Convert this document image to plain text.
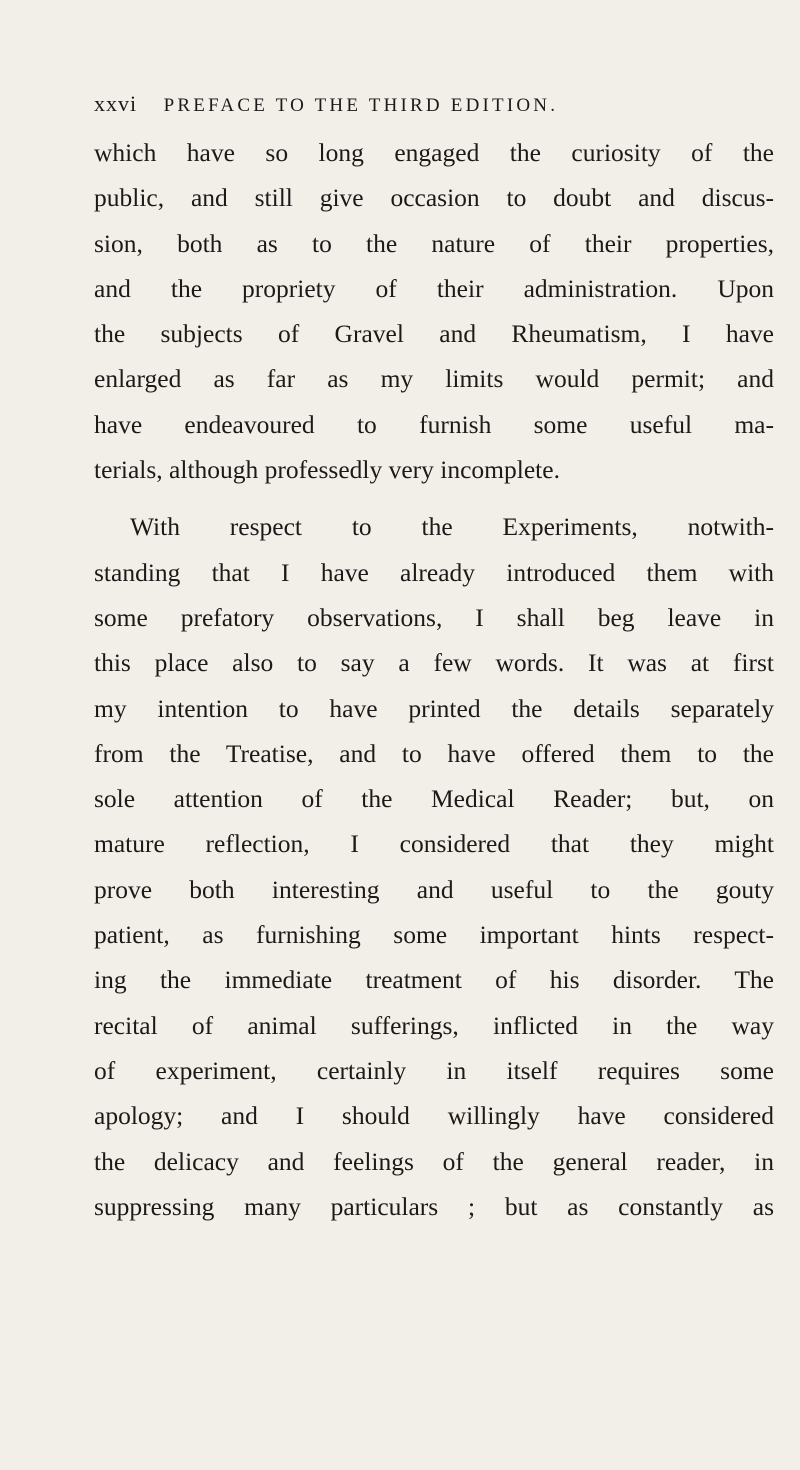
xxvi PREFACE TO THE THIRD EDITION.
which have so long engaged the curiosity of the
public, and still give occasion to doubt and discus-
sion, both as to the nature of their properties,
and the propriety of their administration. Upon
the subjects of Gravel and Rheumatism, I have
enlarged as far as my limits would permit; and
have endeavoured to furnish some useful ma-
terials, although professedly very incomplete.
With respect to the Experiments, notwith-
standing that I have already introduced them with
some prefatory observations, I shall beg leave in
this place also to say a few words. It was at first
my intention to have printed the details separately
from the Treatise, and to have offered them to the
sole attention of the Medical Reader; but, on
mature reflection, I considered that they might
prove both interesting and useful to the gouty
patient, as furnishing some important hints respect-
ing the immediate treatment of his disorder. The
recital of animal sufferings, inflicted in the way
of experiment, certainly in itself requires some
apology; and I should willingly have considered
the delicacy and feelings of the general reader, in
suppressing many particulars ; but as constantly as
